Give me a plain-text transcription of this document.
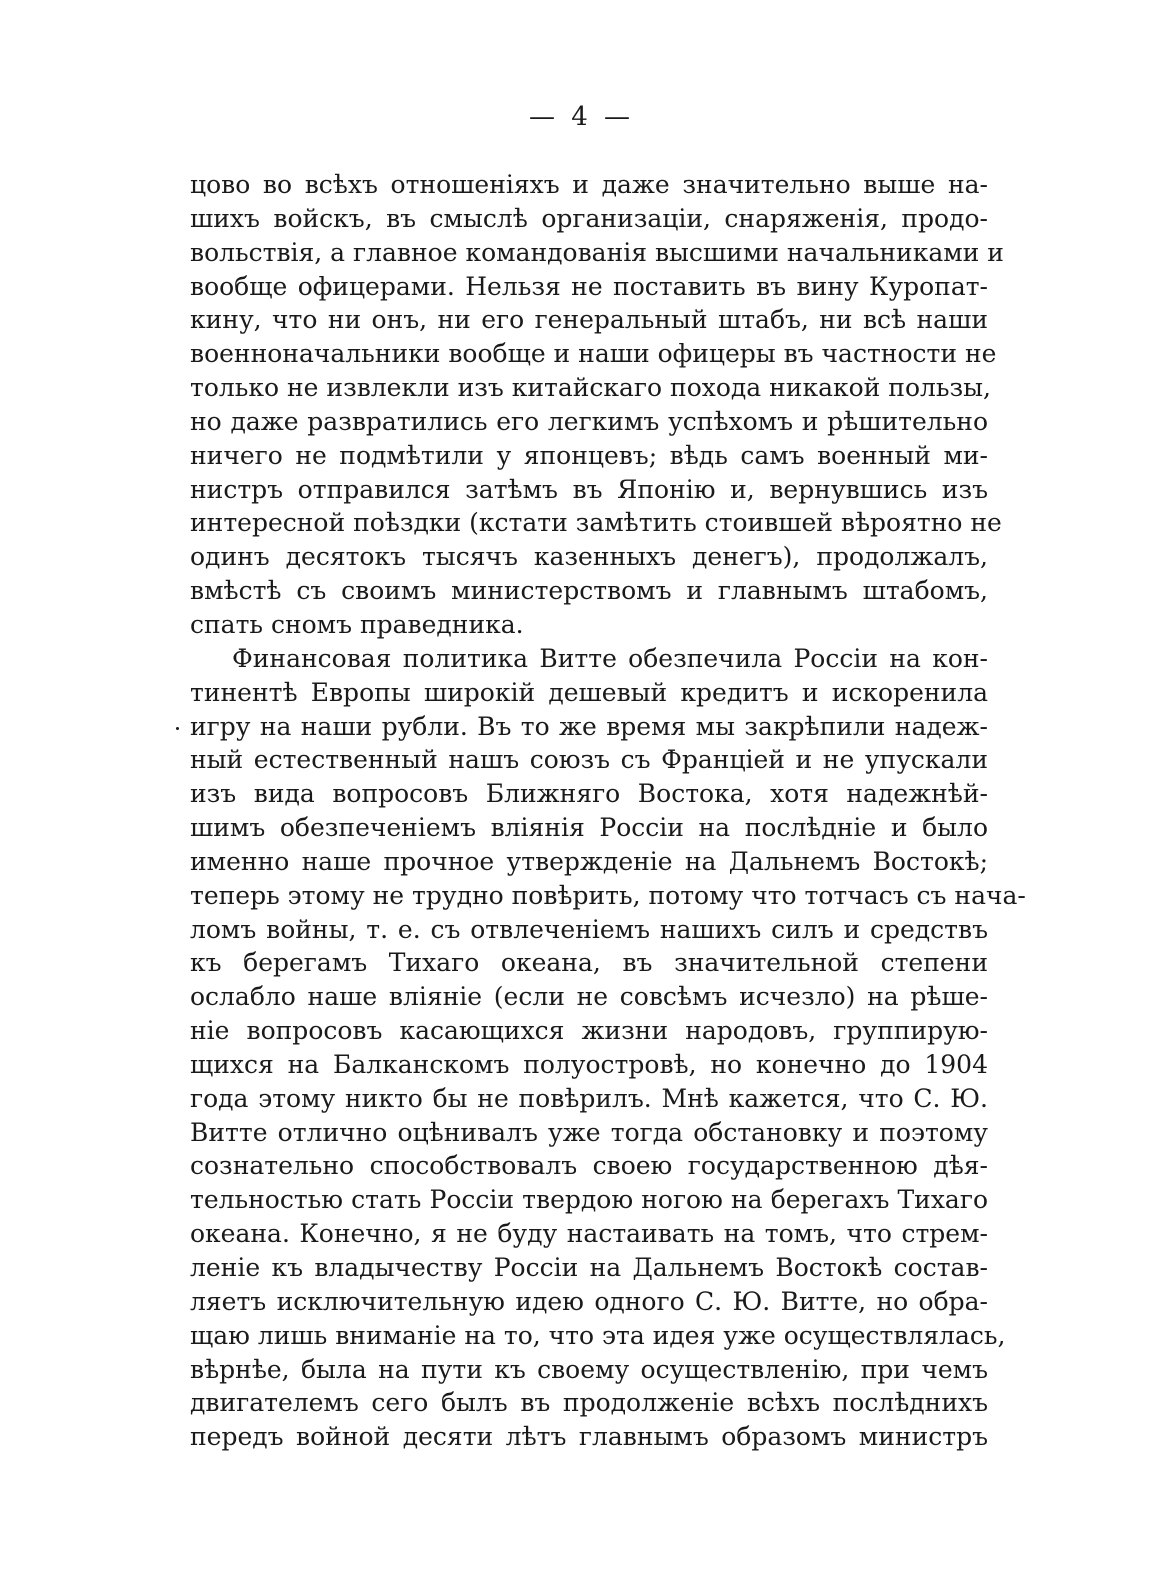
— 4 —
цово во всѣхъ отношеніяхъ и даже значительно выше на-
шихъ войскъ, въ смыслѣ организаціи, снаряженія, продо-
вольствія, а главное командованія высшими начальниками и
вообще офицерами. Нельзя не поставить въ вину Куропат-
кину, что ни онъ, ни его генеральный штабъ, ни всѣ наши
военноначальники вообще и наши офицеры въ частности не
только не извлекли изъ китайскаго похода никакой пользы,
но даже развратились его легкимъ успѣхомъ и рѣшительно
ничего не подмѣтили у японцевъ; вѣдь самъ военный ми-
нистръ отправился затѣмъ въ Японію и, вернувшись изъ
интересной поѣздки (кстати замѣтить стоившей вѣроятно не
одинъ десятокъ тысячъ казенныхъ денегъ), продолжалъ,
вмѣстѣ съ своимъ министерствомъ и главнымъ штабомъ,
спать сномъ праведника.
Финансовая политика Витте обезпечила Россіи на кон-
тинентѣ Европы широкій дешевый кредитъ и искоренила
игру на наши рубли. Въ то же время мы закрѣпили надеж-
ный естественный нашъ союзъ съ Франціей и не упускали
изъ вида вопросовъ Ближняго Востока, хотя надежнѣй-
шимъ обезпеченіемъ вліянія Россіи на послѣдніе и было
именно наше прочное утвержденіе на Дальнемъ Востокѣ;
теперь этому не трудно повѣрить, потому что тотчасъ съ нача-
ломъ войны, т. е. съ отвлеченіемъ нашихъ силъ и средствъ
къ берегамъ Тихаго океана, въ значительной степени
ослабло наше вліяніе (если не совсѣмъ исчезло) на рѣше-
ніе вопросовъ касающихся жизни народовъ, группирую-
щихся на Балканскомъ полуостровѣ, но конечно до 1904
года этому никто бы не повѣрилъ. Мнѣ кажется, что С. Ю.
Витте отлично оцѣнивалъ уже тогда обстановку и поэтому
сознательно способствовалъ своею государственною дѣя-
тельностью стать Россіи твердою ногою на берегахъ Тихаго
океана. Конечно, я не буду настаивать на томъ, что стрем-
леніе къ владычеству Россіи на Дальнемъ Востокѣ состав-
ляетъ исключительную идею одного С. Ю. Витте, но обра-
щаю лишь вниманіе на то, что эта идея уже осуществлялась,
вѣрнѣе, была на пути къ своему осуществленію, при чемъ
двигателемъ сего былъ въ продолженіе всѣхъ послѣднихъ
передъ войной десяти лѣтъ главнымъ образомъ министръ
